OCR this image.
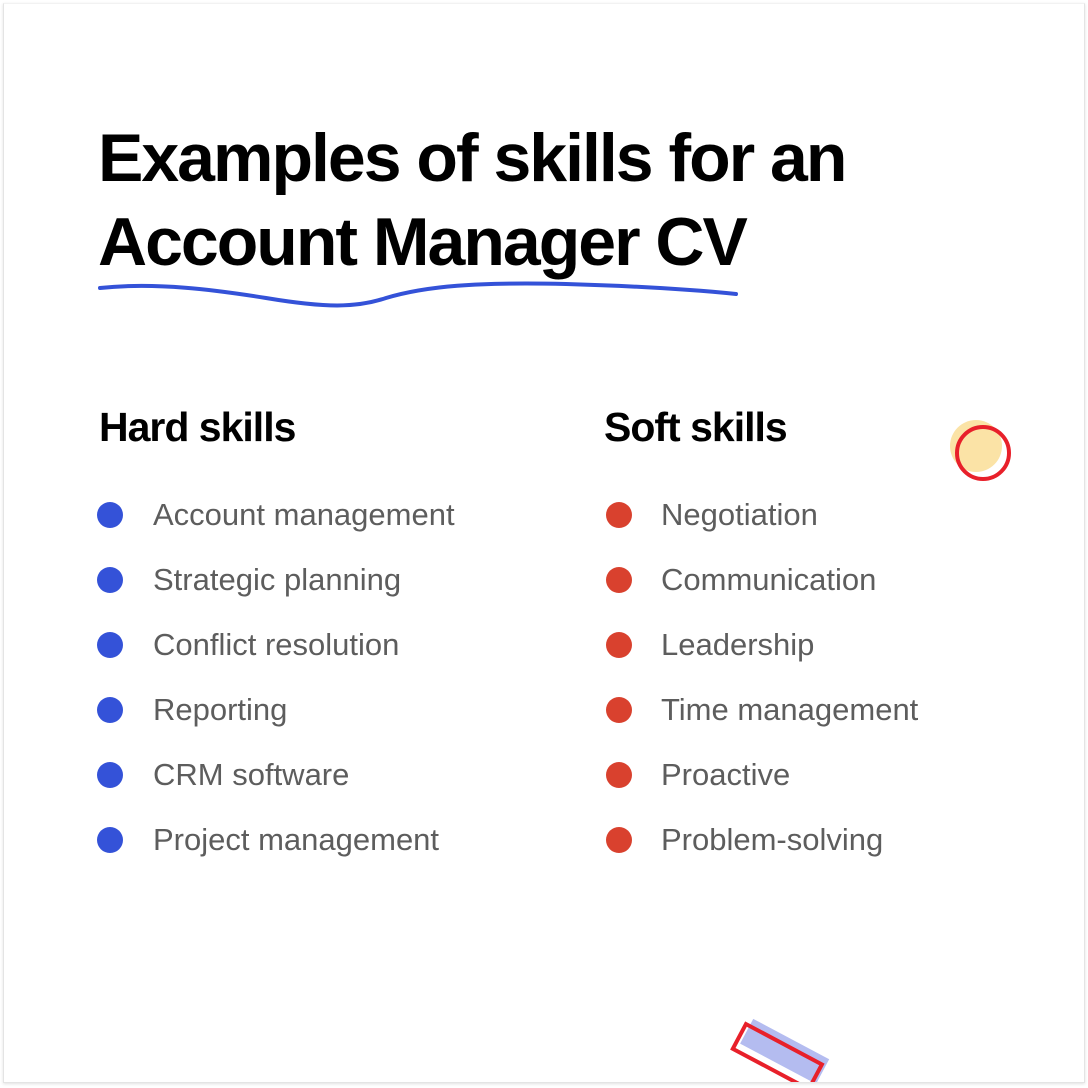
Examples of skills for an
Account Manager CV
Hard skills	Soft skills
Account management
Strategic planning
Conflict resolution
Reporting
CRM software
Project management
Negotiation
Communication
Leadership
Time management
Proactive
Problem-solving
